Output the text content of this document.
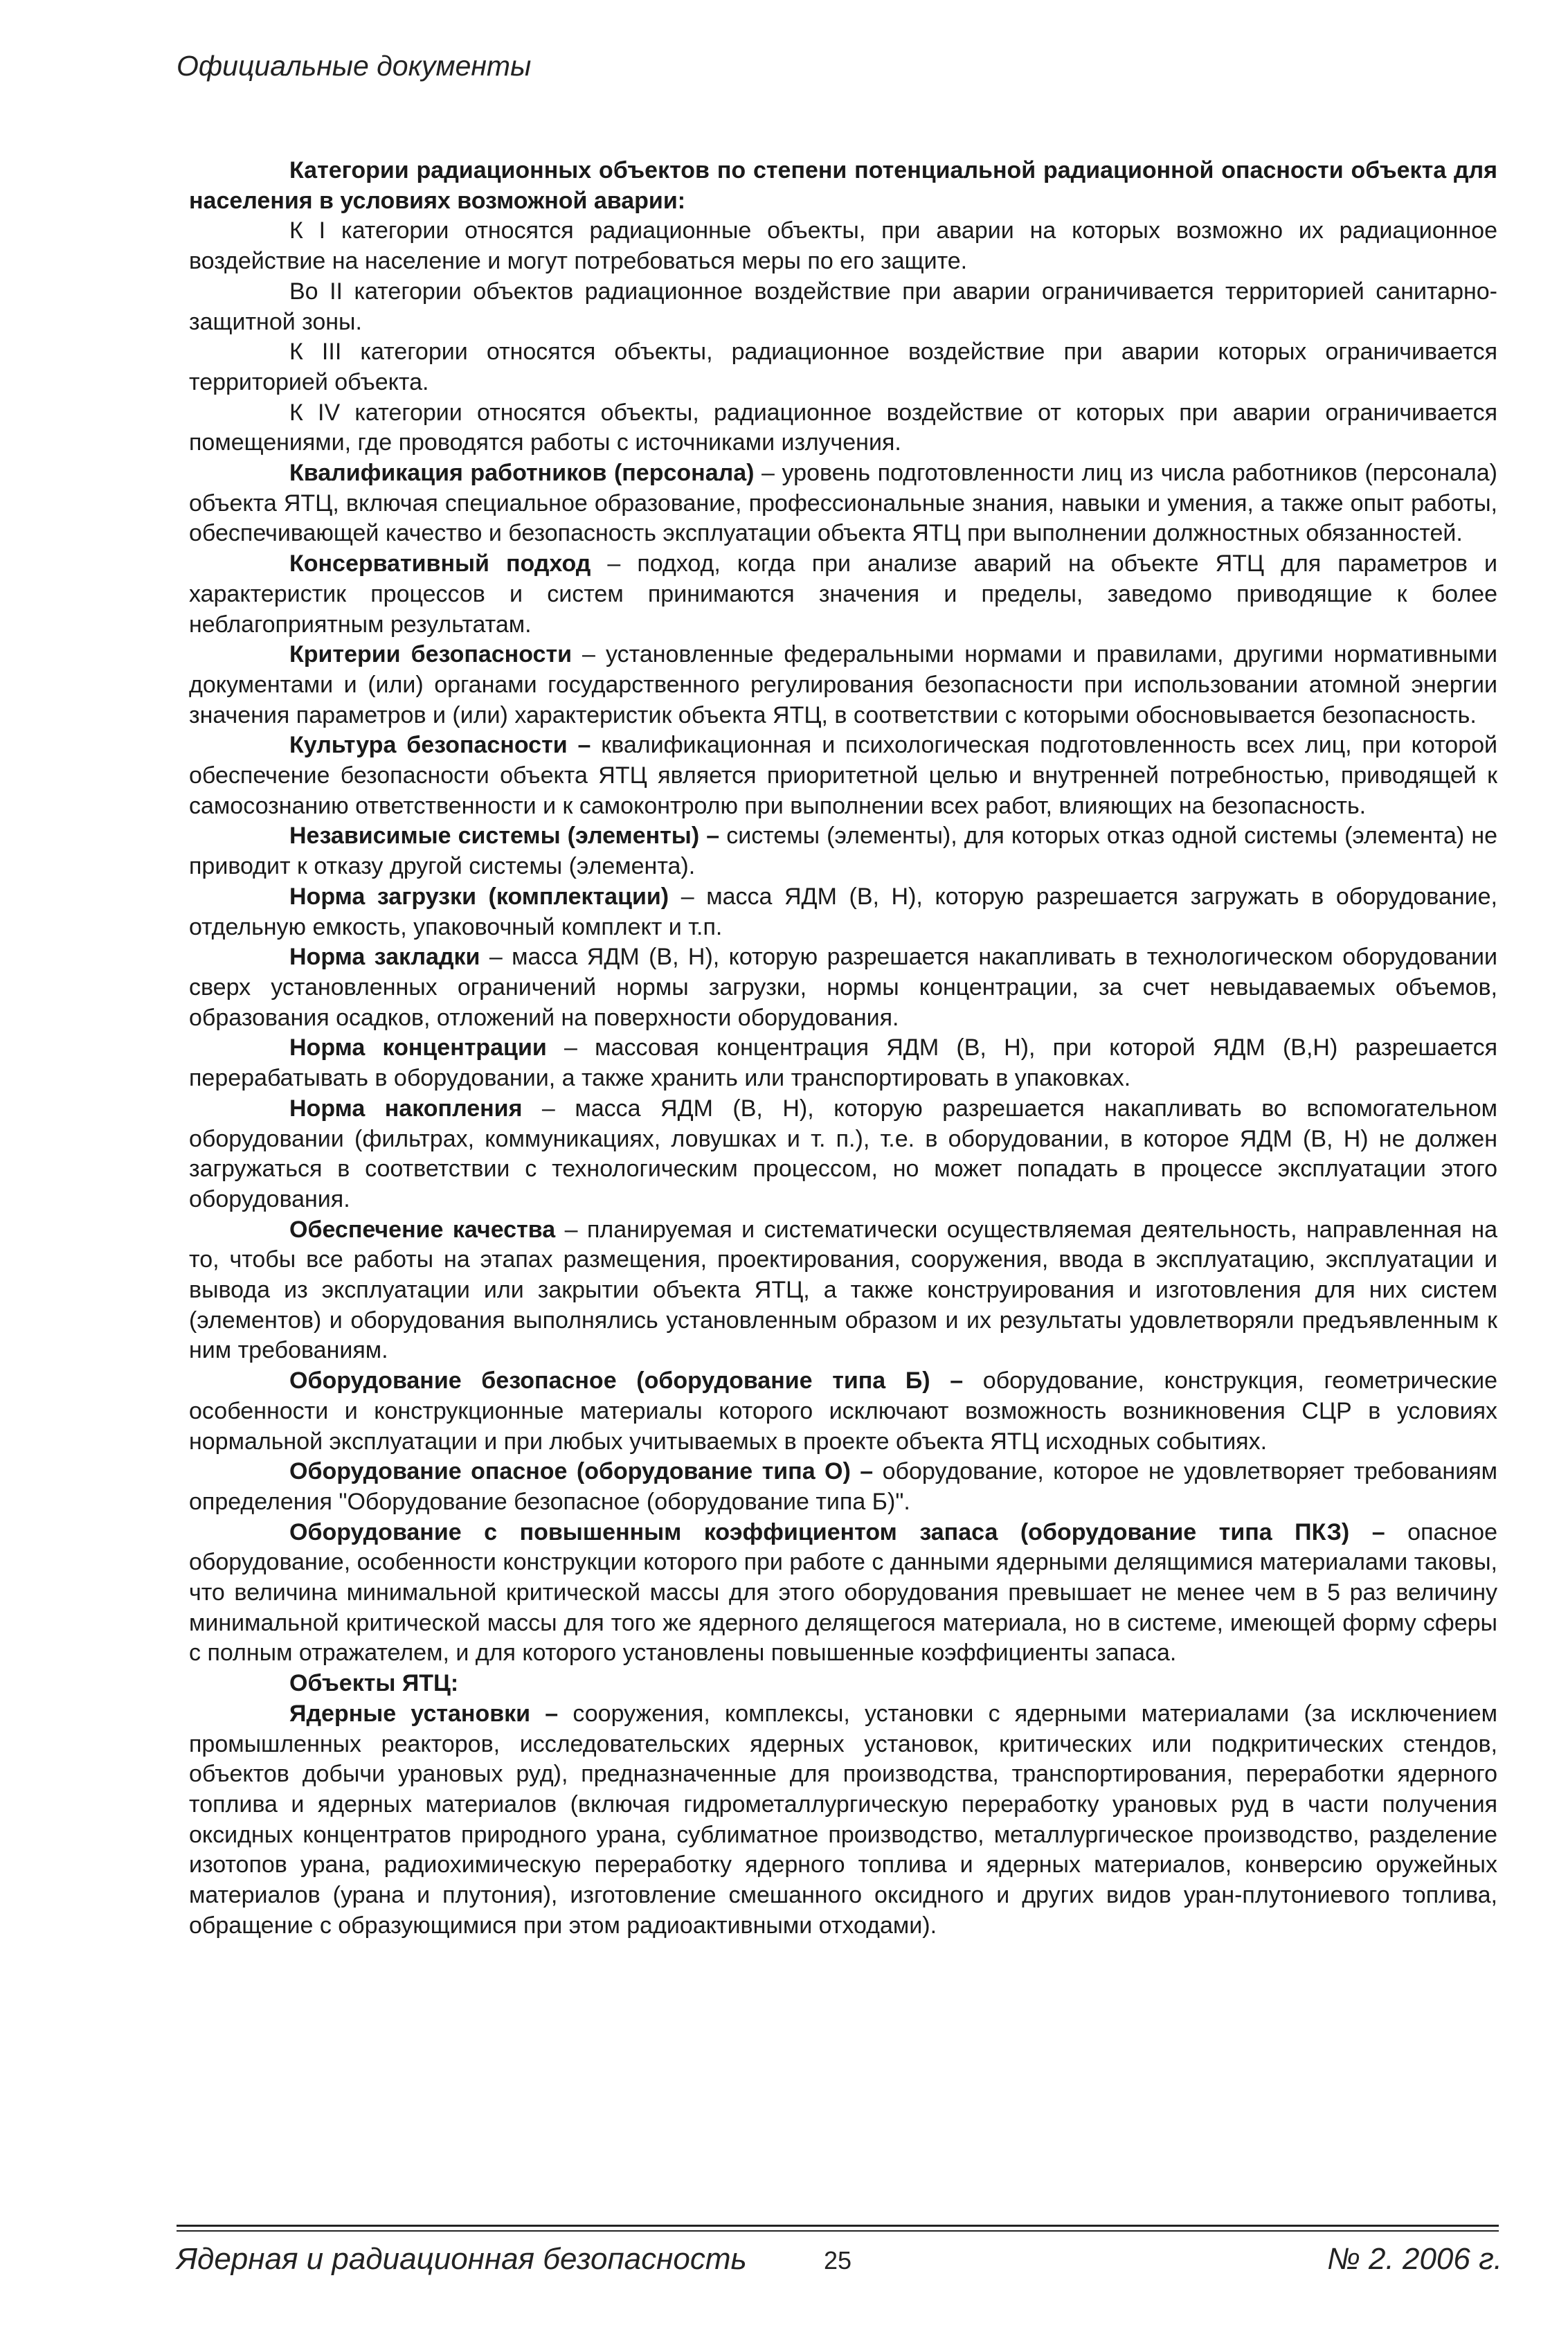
Официальные документы

Категории радиационных объектов по степени потенциальной радиационной опасности объекта для населения в условиях возможной аварии:

К I категории относятся радиационные объекты, при аварии на которых возможно их радиационное воздействие на население и могут потребоваться меры по его защите.

Во II категории объектов радиационное воздействие при аварии ограничивается территорией санитарно-защитной зоны.

К III категории относятся объекты, радиационное воздействие при аварии которых ограничивается территорией объекта.

К IV категории относятся объекты, радиационное воздействие от которых при аварии ограничивается помещениями, где проводятся работы с источниками излучения.

Квалификация работников (персонала) – уровень подготовленности лиц из числа работников (персонала) объекта ЯТЦ, включая специальное образование, профессиональные знания, навыки и умения, а также опыт работы, обеспечивающей качество и безопасность эксплуатации объекта ЯТЦ при выполнении должностных обязанностей.

Консервативный подход – подход, когда при анализе аварий на объекте ЯТЦ для параметров и характеристик процессов и систем принимаются значения и пределы, заведомо приводящие к более неблагоприятным результатам.

Критерии безопасности – установленные федеральными нормами и правилами, другими нормативными документами и (или) органами государственного регулирования безопасности при использовании атомной энергии значения параметров и (или) характеристик объекта ЯТЦ, в соответствии с которыми обосновывается безопасность.

Культура безопасности – квалификационная и психологическая подготовленность всех лиц, при которой обеспечение безопасности объекта ЯТЦ является приоритетной целью и внутренней потребностью, приводящей к самосознанию ответственности и к самоконтролю при выполнении всех работ, влияющих на безопасность.

Независимые системы (элементы) – системы (элементы), для которых отказ одной системы (элемента) не приводит к отказу другой системы (элемента).

Норма загрузки (комплектации) – масса ЯДМ (В, Н), которую разрешается загружать в оборудование, отдельную емкость, упаковочный комплект и т.п.

Норма закладки – масса ЯДМ (В, Н), которую разрешается накапливать в технологическом оборудовании сверх установленных ограничений нормы загрузки, нормы концентрации, за счет невыдаваемых объемов, образования осадков, отложений на поверхности оборудования.

Норма концентрации – массовая концентрация ЯДМ (В, Н), при которой ЯДМ (В,Н) разрешается перерабатывать в оборудовании, а также хранить или транспортировать в упаковках.

Норма накопления – масса ЯДМ (В, Н), которую разрешается накапливать во вспомогательном оборудовании (фильтрах, коммуникациях, ловушках и т. п.), т.е. в оборудовании, в которое ЯДМ (В, Н) не должен загружаться в соответствии с технологическим процессом, но может попадать в процессе эксплуатации этого оборудования.

Обеспечение качества – планируемая и систематически осуществляемая деятельность, направленная на то, чтобы все работы на этапах размещения, проектирования, сооружения, ввода в эксплуатацию, эксплуатации и вывода из эксплуатации или закрытии объекта ЯТЦ, а также конструирования и изготовления для них систем (элементов) и оборудования выполнялись установленным образом и их результаты удовлетворяли предъявленным к ним требованиям.

Оборудование безопасное (оборудование типа Б) – оборудование, конструкция, геометрические особенности и конструкционные материалы которого исключают возможность возникновения СЦР в условиях нормальной эксплуатации и при любых учитываемых в проекте объекта ЯТЦ исходных событиях.

Оборудование опасное (оборудование типа О) – оборудование, которое не удовлетворяет требованиям определения "Оборудование безопасное (оборудование типа Б)".

Оборудование с повышенным коэффициентом запаса (оборудование типа ПКЗ) – опасное оборудование, особенности конструкции которого при работе с данными ядерными делящимися материалами таковы, что величина минимальной критической массы для этого оборудования превышает не менее чем в 5 раз величину минимальной критической массы для того же ядерного делящегося материала, но в системе, имеющей форму сферы с полным отражателем, и для которого установлены повышенные коэффициенты запаса.

Объекты ЯТЦ:

Ядерные установки – сооружения, комплексы, установки с ядерными материалами (за исключением промышленных реакторов, исследовательских ядерных установок, критических или подкритических стендов, объектов добычи урановых руд), предназначенные для производства, транспортирования, переработки ядерного топлива и ядерных материалов (включая гидрометаллургическую переработку урановых руд в части получения оксидных концентратов природного урана, сублиматное производство, металлургическое производство, разделение изотопов урана, радиохимическую переработку ядерного топлива и ядерных материалов, конверсию оружейных материалов (урана и плутония), изготовление смешанного оксидного и других видов уран-плутониевого топлива, обращение с образующимися при этом радиоактивными отходами).

Ядерная и радиационная безопасность	25	№ 2. 2006 г.
